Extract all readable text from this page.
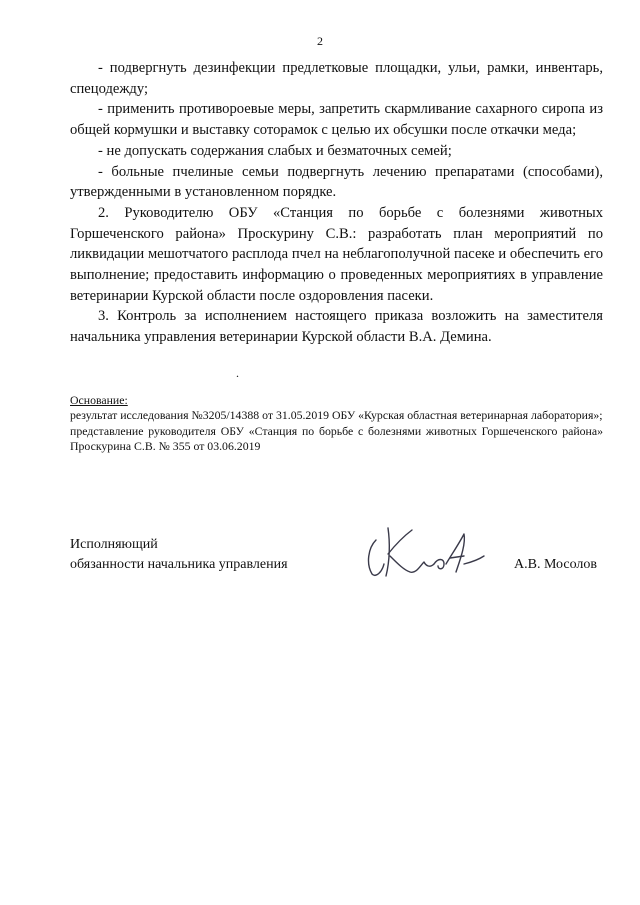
2

- подвергнуть дезинфекции предлетковые площадки, ульи, рамки, инвентарь, спецодежду;

- применить противороевые меры, запретить скармливание сахарного сиропа из общей кормушки и выставку соторамок с целью их обсушки после откачки меда;

- не допускать содержания слабых и безматочных семей;

- больные пчелиные семьи подвергнуть лечению препаратами (способами), утвержденными в установленном порядке.

2. Руководителю ОБУ «Станция по борьбе с болезнями животных Горшеченского района» Проскурину С.В.: разработать план мероприятий по ликвидации мешотчатого расплода пчел на неблагополучной пасеке и обеспечить его выполнение; предоставить информацию о проведенных мероприятиях в управление ветеринарии Курской области после оздоровления пасеки.

3. Контроль за исполнением настоящего приказа возложить на заместителя начальника управления ветеринарии Курской области В.А. Демина.

.

Основание:

результат исследования №3205/14388 от 31.05.2019 ОБУ «Курская областная ветеринарная лаборатория»;

представление руководителя ОБУ «Станция по борьбе с болезнями животных Горшеченского района» Проскурина С.В. № 355 от 03.06.2019

Исполняющий
обязанности начальника управления	А.В. Мосолов
